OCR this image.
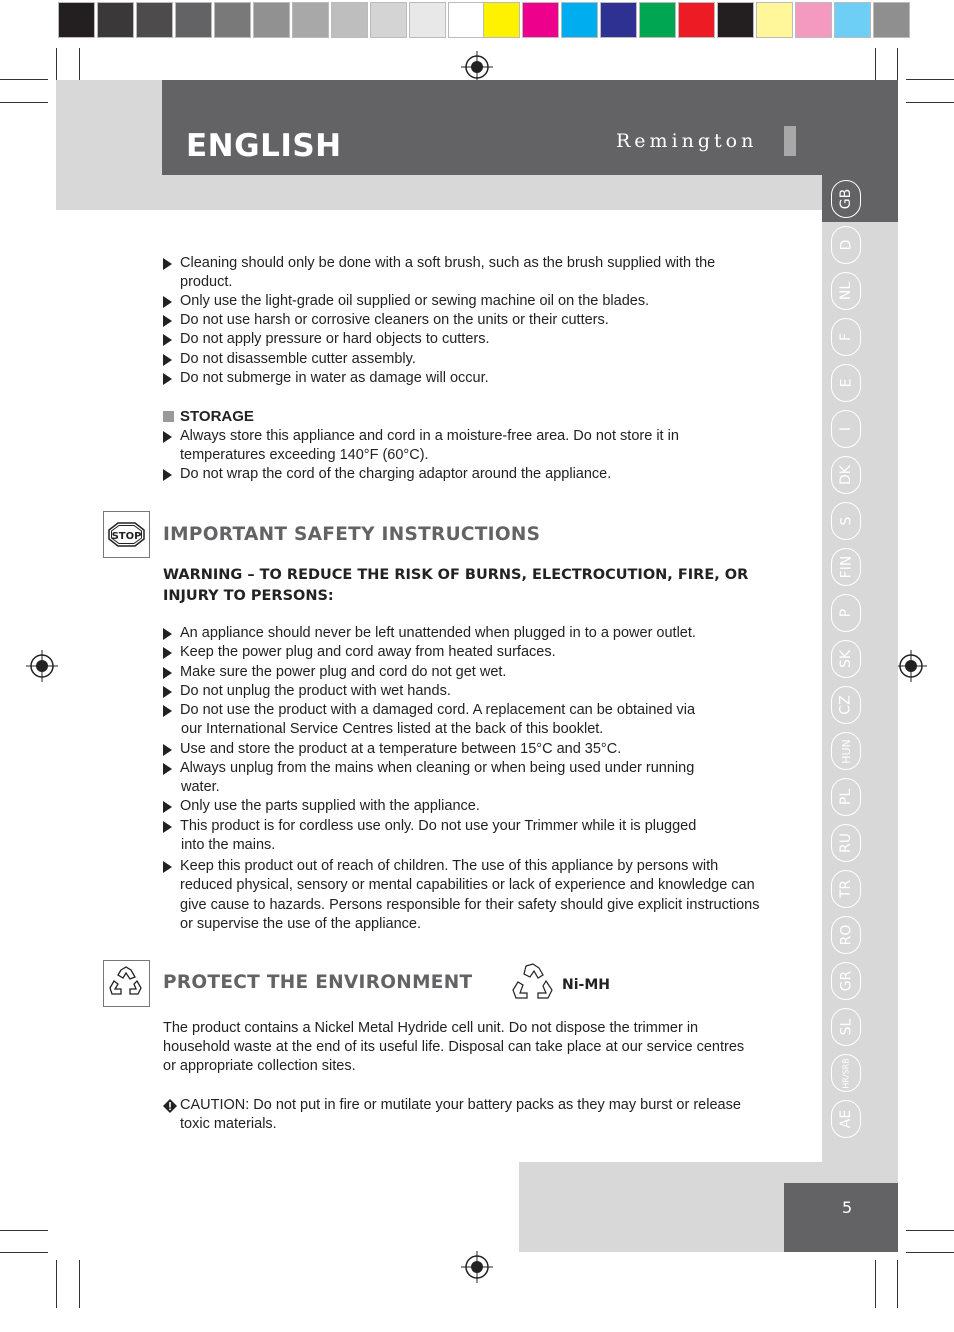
ENGLISH	Remington
GB
D
NL
F
E
I
DK
S
FIN
P
SK
CZ
HUN
PL
RU
TR
RO
GR
SL
HR/SRB
AE
5
Cleaning should only be done with a soft brush, such as the brush supplied with the
product.
Only use the light-grade oil supplied or sewing machine oil on the blades.
Do not use harsh or corrosive cleaners on the units or their cutters.
Do not apply pressure or hard objects to cutters.
Do not disassemble cutter assembly.
Do not submerge in water as damage will occur.
STORAGE
Always store this appliance and cord in a moisture-free area. Do not store it in
temperatures exceeding 140°F (60°C).
Do not wrap the cord of the charging adaptor around the appliance.
STOP IMPORTANT SAFETY INSTRUCTIONS
WARNING – TO REDUCE THE RISK OF BURNS, ELECTROCUTION, FIRE, OR
INJURY TO PERSONS:
An appliance should never be left unattended when plugged in to a power outlet.
Keep the power plug and cord away from heated surfaces.
Make sure the power plug and cord do not get wet.
Do not unplug the product with wet hands.
Do not use the product with a damaged cord. A replacement can be obtained via
our International Service Centres listed at the back of this booklet.
Use and store the product at a temperature between 15°C and 35°C.
Always unplug from the mains when cleaning or when being used under running
water.
Only use the parts supplied with the appliance.
This product is for cordless use only. Do not use your Trimmer while it is plugged
into the mains.
Keep this product out of reach of children. The use of this appliance by persons with
reduced physical, sensory or mental capabilities or lack of experience and knowledge can
give cause to hazards. Persons responsible for their safety should give explicit instructions
or supervise the use of the appliance.
PROTECT THE ENVIRONMENT	Ni-MH
The product contains a Nickel Metal Hydride cell unit. Do not dispose the trimmer in
household waste at the end of its useful life. Disposal can take place at our service centres
or appropriate collection sites.
CAUTION: Do not put in fire or mutilate your battery packs as they may burst or release
toxic materials.
